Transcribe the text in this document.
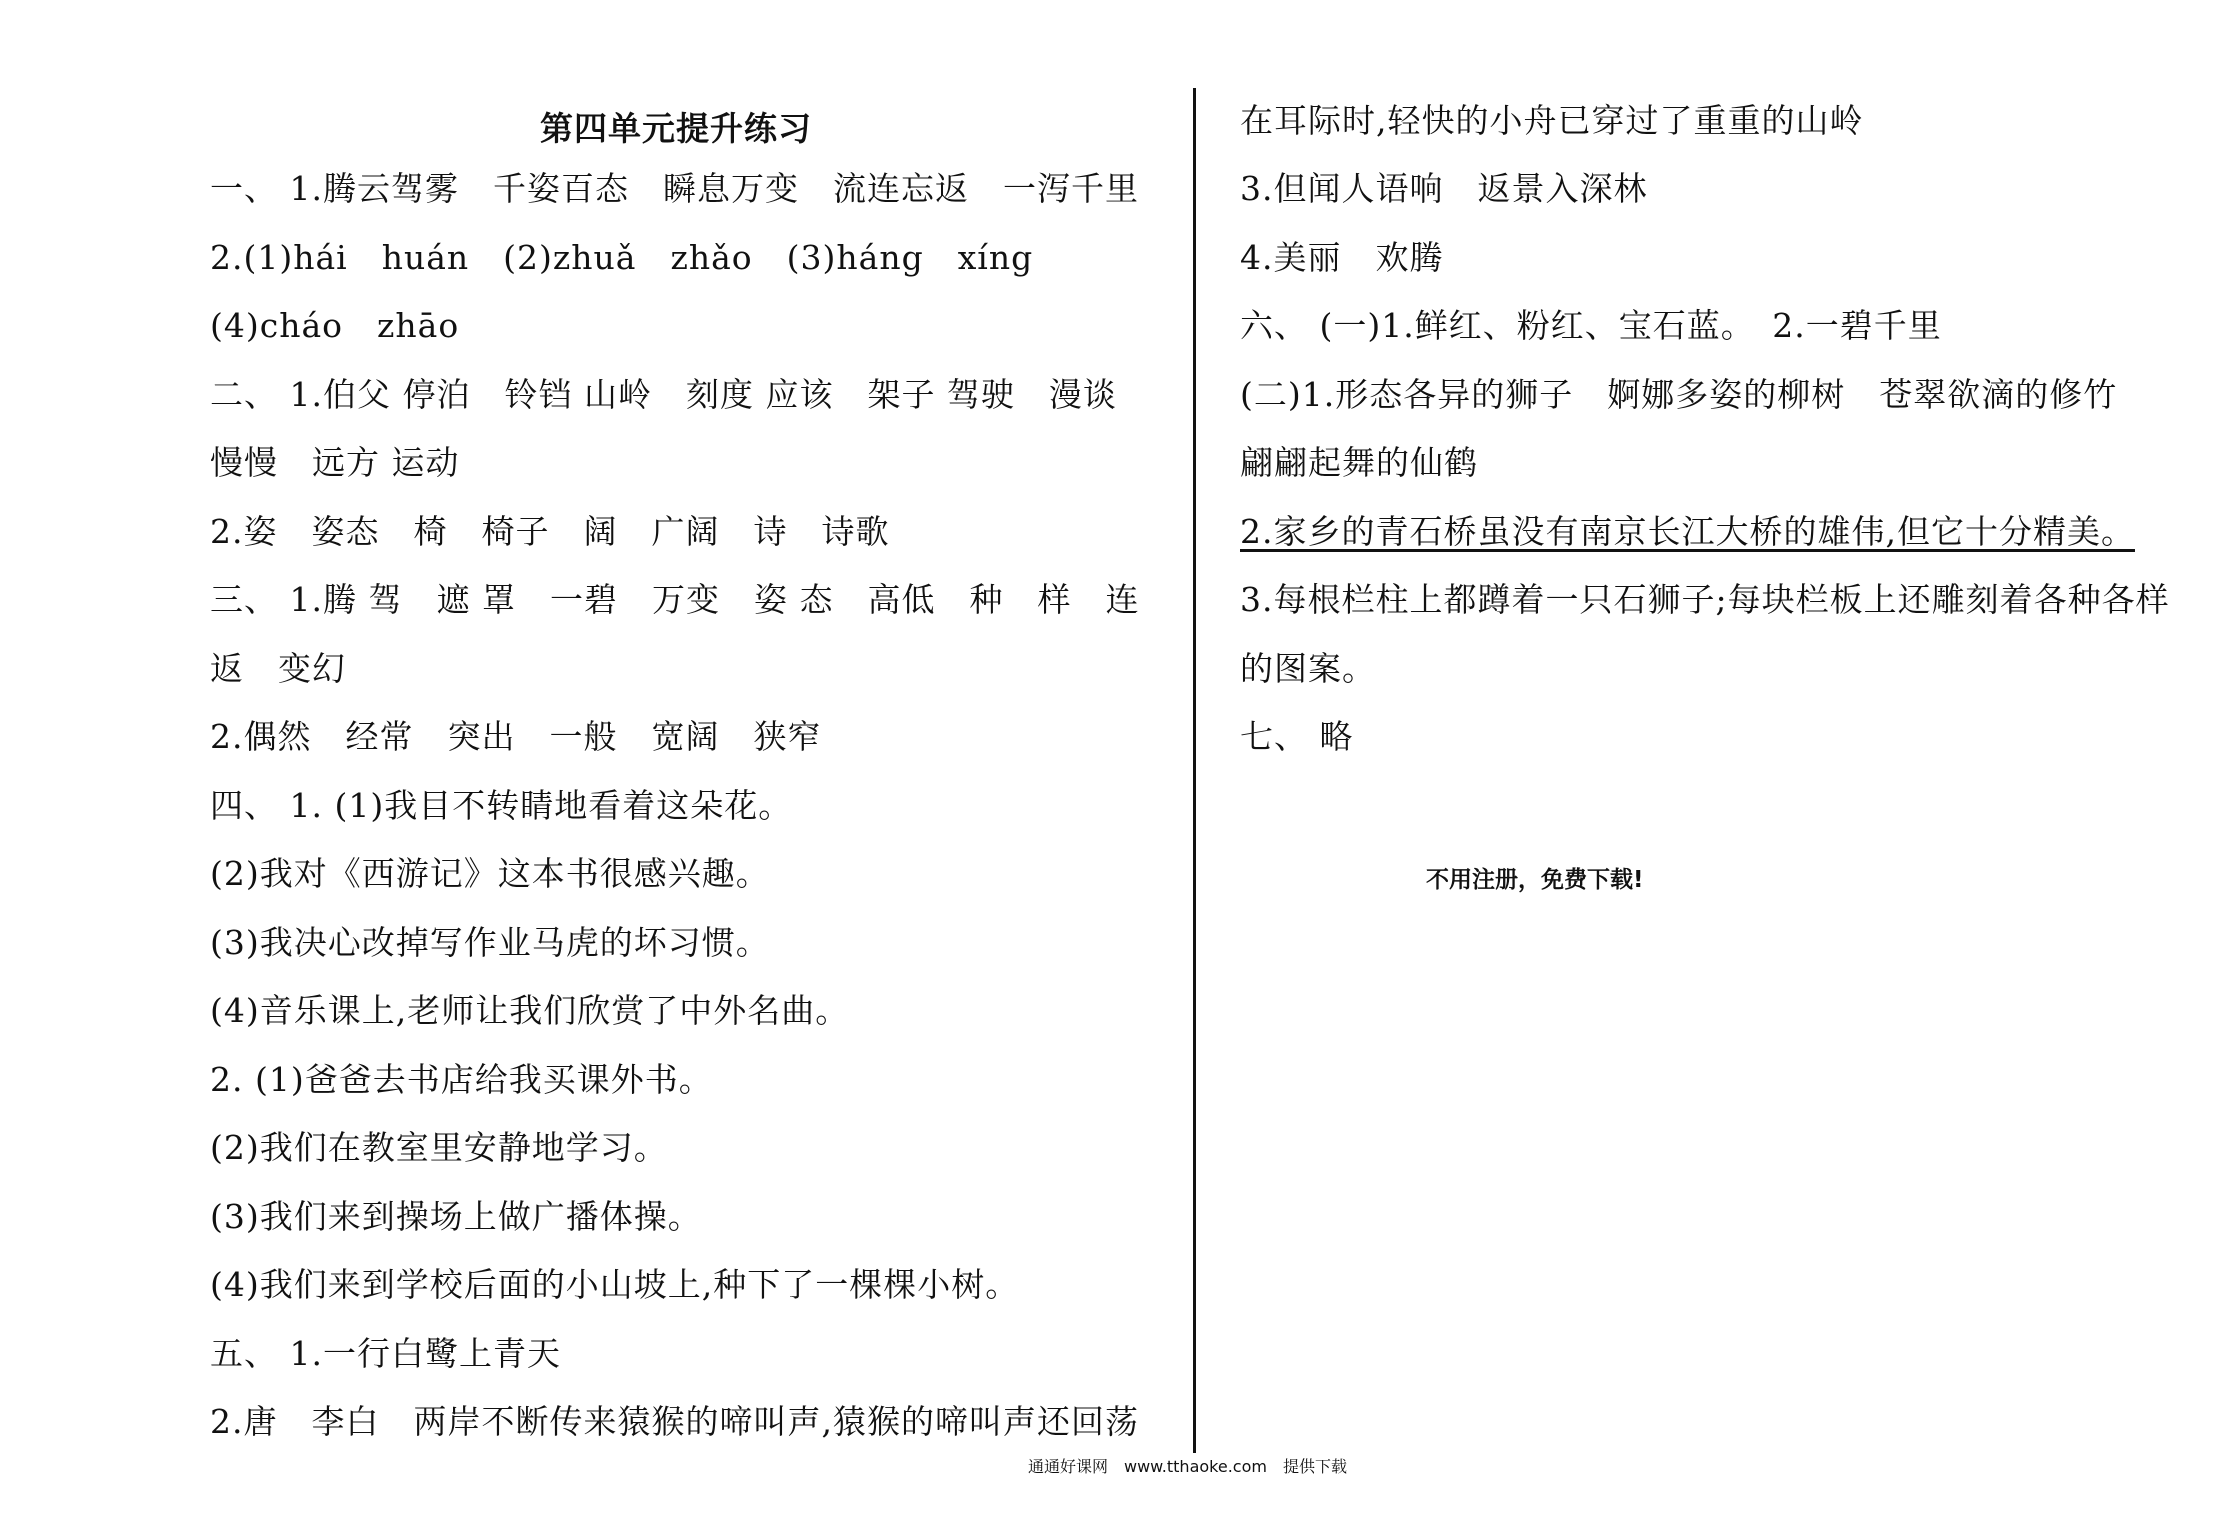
第四单元提升练习
一、 1.腾云驾雾　千姿百态　瞬息万变　流连忘返　一泻千里
2.(1)hái　huán　(2)zhuǎ　zhǎo　(3)háng　xíng
(4)cháo　zhāo
二、 1.伯父 停泊　铃铛 山岭　刻度 应该　架子 驾驶　漫谈
慢慢　远方 运动
2.姿　姿态　椅　椅子　阔　广阔　诗　诗歌
三、 1.腾 驾　遮 罩　一碧　万变　姿 态　高低　种　样　连
返　变幻
2.偶然　经常　突出　一般　宽阔　狭窄
四、 1. (1)我目不转睛地看着这朵花。
(2)我对《西游记》这本书很感兴趣。
(3)我决心改掉写作业马虎的坏习惯。
(4)音乐课上,老师让我们欣赏了中外名曲。
2. (1)爸爸去书店给我买课外书。
(2)我们在教室里安静地学习。
(3)我们来到操场上做广播体操。
(4)我们来到学校后面的小山坡上,种下了一棵棵小树。
五、 1.一行白鹭上青天
2.唐　李白　两岸不断传来猿猴的啼叫声,猿猴的啼叫声还回荡
在耳际时,轻快的小舟已穿过了重重的山岭
3.但闻人语响　返景入深林
4.美丽　欢腾
六、 (一)1.鲜红、粉红、宝石蓝。　2.一碧千里
(二)1.形态各异的狮子　婀娜多姿的柳树　苍翠欲滴的修竹
翩翩起舞的仙鹤
2.家乡的青石桥虽没有南京长江大桥的雄伟,但它十分精美。
3.每根栏柱上都蹲着一只石狮子;每块栏板上还雕刻着各种各样
的图案。
七、 略
不用注册，免费下载!
通通好课网　www.tthaoke.com　提供下载
